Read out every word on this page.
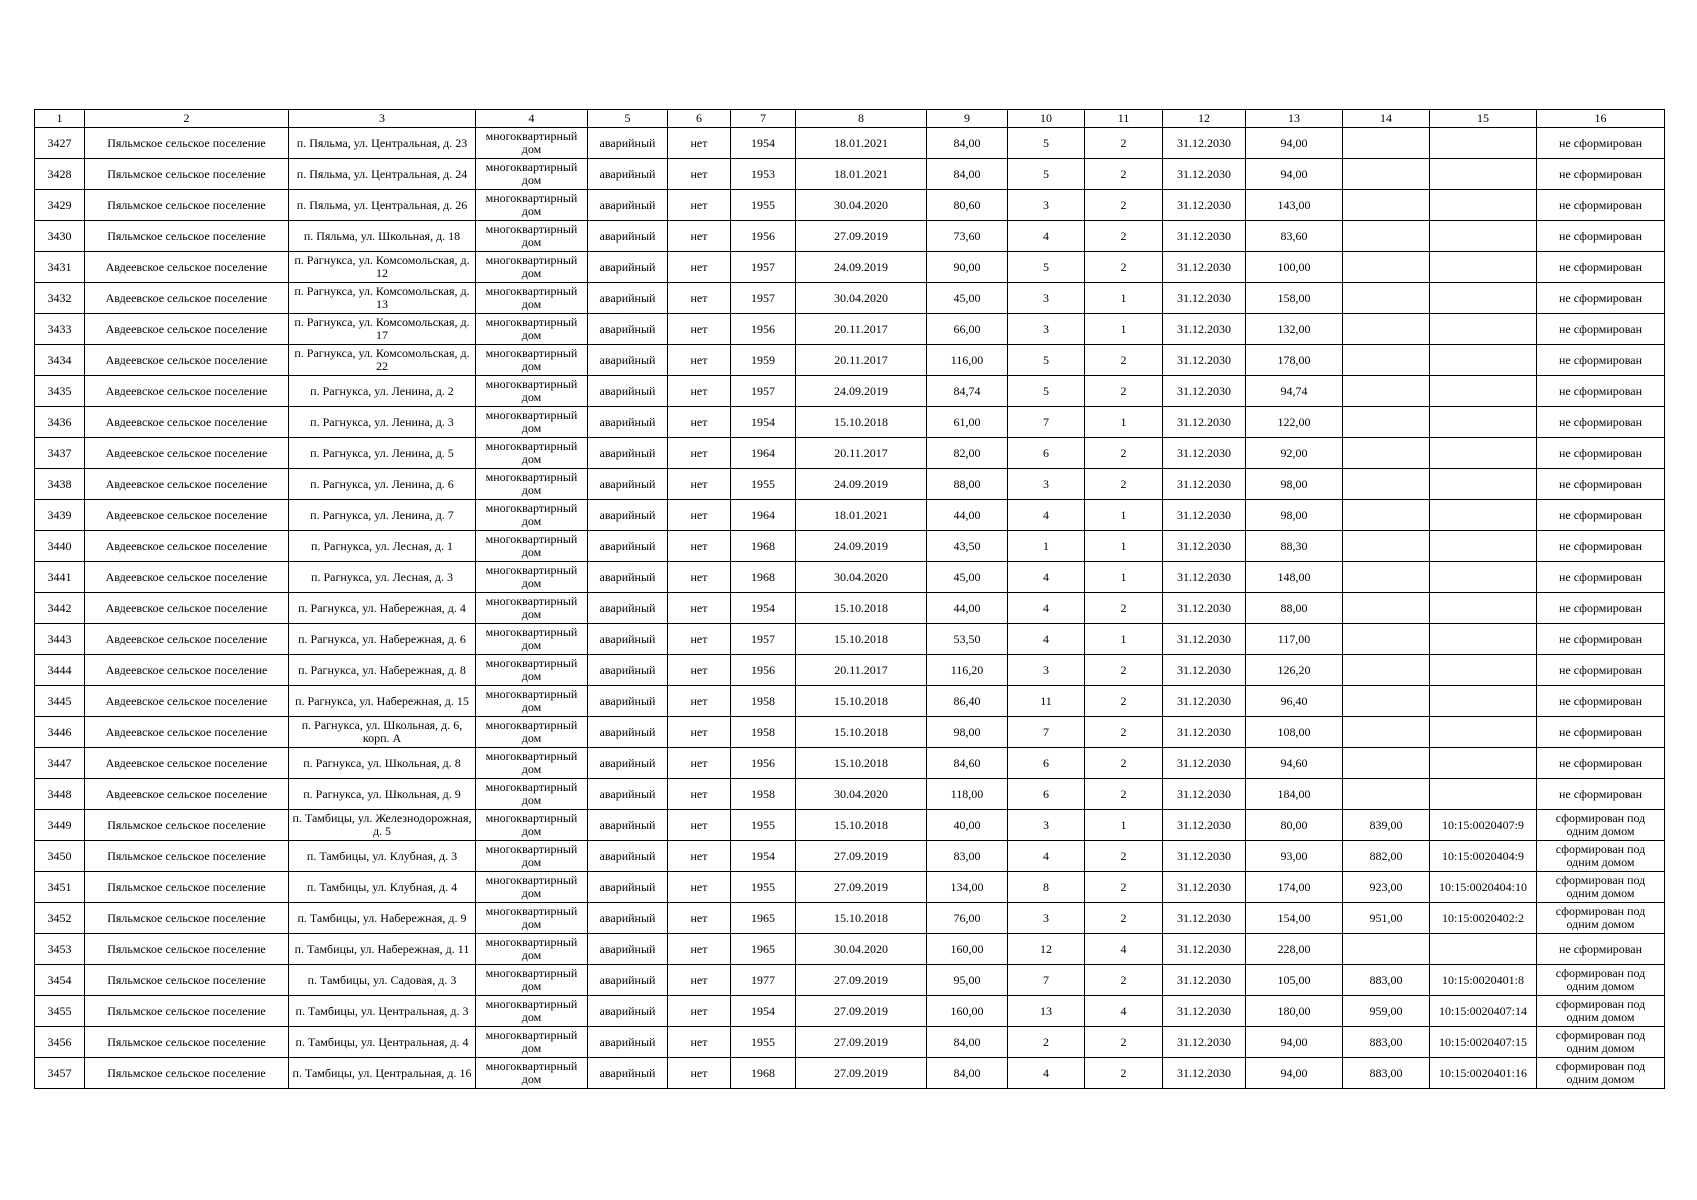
1	2	3	4	5	6	7	8	9	10	11	12	13	14	15	16
3427	Пяльмское сельское поселение	п. Пяльма, ул. Центральная, д. 23	многоквартирный дом	аварийный	нет	1954	18.01.2021	84,00	5	2	31.12.2030	94,00			не сформирован
3428	Пяльмское сельское поселение	п. Пяльма, ул. Центральная, д. 24	многоквартирный дом	аварийный	нет	1953	18.01.2021	84,00	5	2	31.12.2030	94,00			не сформирован
3429	Пяльмское сельское поселение	п. Пяльма, ул. Центральная, д. 26	многоквартирный дом	аварийный	нет	1955	30.04.2020	80,60	3	2	31.12.2030	143,00			не сформирован
3430	Пяльмское сельское поселение	п. Пяльма, ул. Школьная, д. 18	многоквартирный дом	аварийный	нет	1956	27.09.2019	73,60	4	2	31.12.2030	83,60			не сформирован
3431	Авдеевское сельское поселение	п. Рагнукса, ул. Комсомольская, д. 12	многоквартирный дом	аварийный	нет	1957	24.09.2019	90,00	5	2	31.12.2030	100,00			не сформирован
3432	Авдеевское сельское поселение	п. Рагнукса, ул. Комсомольская, д. 13	многоквартирный дом	аварийный	нет	1957	30.04.2020	45,00	3	1	31.12.2030	158,00			не сформирован
3433	Авдеевское сельское поселение	п. Рагнукса, ул. Комсомольская, д. 17	многоквартирный дом	аварийный	нет	1956	20.11.2017	66,00	3	1	31.12.2030	132,00			не сформирован
3434	Авдеевское сельское поселение	п. Рагнукса, ул. Комсомольская, д. 22	многоквартирный дом	аварийный	нет	1959	20.11.2017	116,00	5	2	31.12.2030	178,00			не сформирован
3435	Авдеевское сельское поселение	п. Рагнукса, ул. Ленина, д. 2	многоквартирный дом	аварийный	нет	1957	24.09.2019	84,74	5	2	31.12.2030	94,74			не сформирован
3436	Авдеевское сельское поселение	п. Рагнукса, ул. Ленина, д. 3	многоквартирный дом	аварийный	нет	1954	15.10.2018	61,00	7	1	31.12.2030	122,00			не сформирован
3437	Авдеевское сельское поселение	п. Рагнукса, ул. Ленина, д. 5	многоквартирный дом	аварийный	нет	1964	20.11.2017	82,00	6	2	31.12.2030	92,00			не сформирован
3438	Авдеевское сельское поселение	п. Рагнукса, ул. Ленина, д. 6	многоквартирный дом	аварийный	нет	1955	24.09.2019	88,00	3	2	31.12.2030	98,00			не сформирован
3439	Авдеевское сельское поселение	п. Рагнукса, ул. Ленина, д. 7	многоквартирный дом	аварийный	нет	1964	18.01.2021	44,00	4	1	31.12.2030	98,00			не сформирован
3440	Авдеевское сельское поселение	п. Рагнукса, ул. Лесная, д. 1	многоквартирный дом	аварийный	нет	1968	24.09.2019	43,50	1	1	31.12.2030	88,30			не сформирован
3441	Авдеевское сельское поселение	п. Рагнукса, ул. Лесная, д. 3	многоквартирный дом	аварийный	нет	1968	30.04.2020	45,00	4	1	31.12.2030	148,00			не сформирован
3442	Авдеевское сельское поселение	п. Рагнукса, ул. Набережная, д. 4	многоквартирный дом	аварийный	нет	1954	15.10.2018	44,00	4	2	31.12.2030	88,00			не сформирован
3443	Авдеевское сельское поселение	п. Рагнукса, ул. Набережная, д. 6	многоквартирный дом	аварийный	нет	1957	15.10.2018	53,50	4	1	31.12.2030	117,00			не сформирован
3444	Авдеевское сельское поселение	п. Рагнукса, ул. Набережная, д. 8	многоквартирный дом	аварийный	нет	1956	20.11.2017	116,20	3	2	31.12.2030	126,20			не сформирован
3445	Авдеевское сельское поселение	п. Рагнукса, ул. Набережная, д. 15	многоквартирный дом	аварийный	нет	1958	15.10.2018	86,40	11	2	31.12.2030	96,40			не сформирован
3446	Авдеевское сельское поселение	п. Рагнукса, ул. Школьная, д. 6, корп. А	многоквартирный дом	аварийный	нет	1958	15.10.2018	98,00	7	2	31.12.2030	108,00			не сформирован
3447	Авдеевское сельское поселение	п. Рагнукса, ул. Школьная, д. 8	многоквартирный дом	аварийный	нет	1956	15.10.2018	84,60	6	2	31.12.2030	94,60			не сформирован
3448	Авдеевское сельское поселение	п. Рагнукса, ул. Школьная, д. 9	многоквартирный дом	аварийный	нет	1958	30.04.2020	118,00	6	2	31.12.2030	184,00			не сформирован
3449	Пяльмское сельское поселение	п. Тамбицы, ул. Железнодорожная, д. 5	многоквартирный дом	аварийный	нет	1955	15.10.2018	40,00	3	1	31.12.2030	80,00	839,00	10:15:0020407:9	сформирован под одним домом
3450	Пяльмское сельское поселение	п. Тамбицы, ул. Клубная, д. 3	многоквартирный дом	аварийный	нет	1954	27.09.2019	83,00	4	2	31.12.2030	93,00	882,00	10:15:0020404:9	сформирован под одним домом
3451	Пяльмское сельское поселение	п. Тамбицы, ул. Клубная, д. 4	многоквартирный дом	аварийный	нет	1955	27.09.2019	134,00	8	2	31.12.2030	174,00	923,00	10:15:0020404:10	сформирован под одним домом
3452	Пяльмское сельское поселение	п. Тамбицы, ул. Набережная, д. 9	многоквартирный дом	аварийный	нет	1965	15.10.2018	76,00	3	2	31.12.2030	154,00	951,00	10:15:0020402:2	сформирован под одним домом
3453	Пяльмское сельское поселение	п. Тамбицы, ул. Набережная, д. 11	многоквартирный дом	аварийный	нет	1965	30.04.2020	160,00	12	4	31.12.2030	228,00			не сформирован
3454	Пяльмское сельское поселение	п. Тамбицы, ул. Садовая, д. 3	многоквартирный дом	аварийный	нет	1977	27.09.2019	95,00	7	2	31.12.2030	105,00	883,00	10:15:0020401:8	сформирован под одним домом
3455	Пяльмское сельское поселение	п. Тамбицы, ул. Центральная, д. 3	многоквартирный дом	аварийный	нет	1954	27.09.2019	160,00	13	4	31.12.2030	180,00	959,00	10:15:0020407:14	сформирован под одним домом
3456	Пяльмское сельское поселение	п. Тамбицы, ул. Центральная, д. 4	многоквартирный дом	аварийный	нет	1955	27.09.2019	84,00	2	2	31.12.2030	94,00	883,00	10:15:0020407:15	сформирован под одним домом
3457	Пяльмское сельское поселение	п. Тамбицы, ул. Центральная, д. 16	многоквартирный дом	аварийный	нет	1968	27.09.2019	84,00	4	2	31.12.2030	94,00	883,00	10:15:0020401:16	сформирован под одним домом
